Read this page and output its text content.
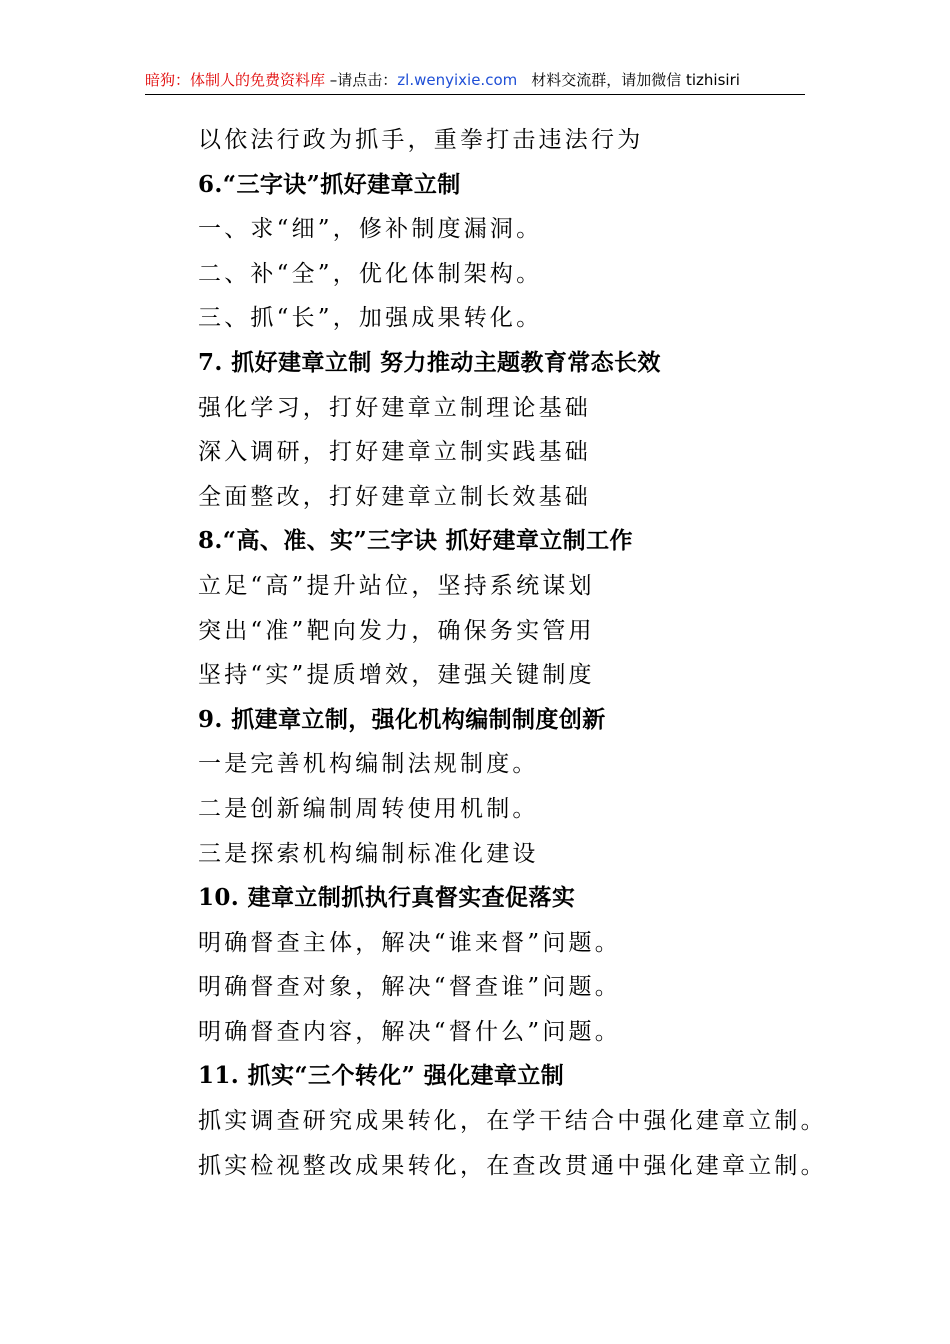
暗狗：体制人的免费资料库 –请点击：zl.wenyixie.com 材料交流群，请加微信 tizhisiri
以依法行政为抓手，重拳打击违法行为
6.“三字诀”抓好建章立制
一、求“细”，修补制度漏洞。
二、补“全”，优化体制架构。
三、抓“长”，加强成果转化。
7. 抓好建章立制 努力推动主题教育常态长效
强化学习，打好建章立制理论基础
深入调研，打好建章立制实践基础
全面整改，打好建章立制长效基础
8.“高、准、实”三字诀 抓好建章立制工作
立足“高”提升站位，坚持系统谋划
突出“准”靶向发力，确保务实管用
坚持“实”提质增效，建强关键制度
9. 抓建章立制，强化机构编制制度创新
一是完善机构编制法规制度。
二是创新编制周转使用机制。
三是探索机构编制标准化建设
10. 建章立制抓执行真督实查促落实
明确督查主体，解决“谁来督”问题。
明确督查对象，解决“督查谁”问题。
明确督查内容，解决“督什么”问题。
11. 抓实“三个转化” 强化建章立制
抓实调查研究成果转化，在学干结合中强化建章立制。
抓实检视整改成果转化，在查改贯通中强化建章立制。
